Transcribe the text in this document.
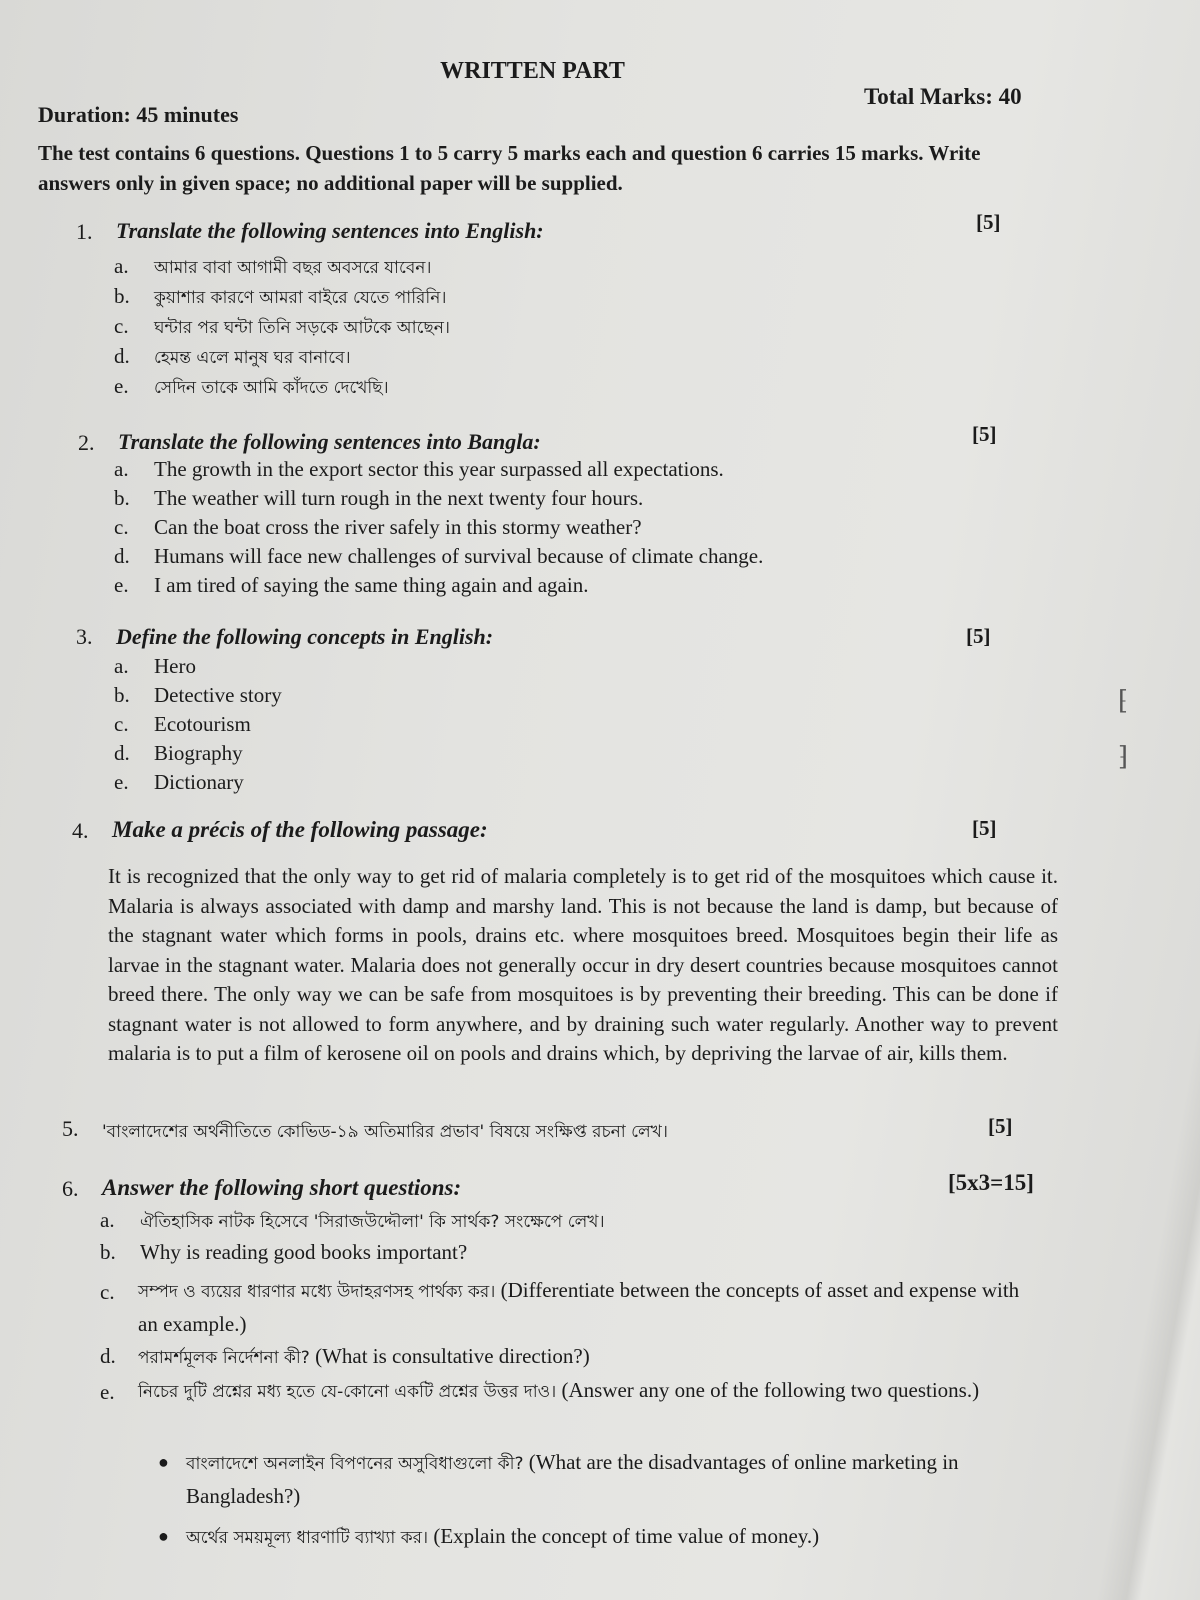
WRITTEN PART
Total Marks: 40
Duration: 45 minutes
The test contains 6 questions. Questions 1 to 5 carry 5 marks each and question 6 carries 15 marks. Write answers only in given space; no additional paper will be supplied.
1. Translate the following sentences into English:	[5]
a. আমার বাবা আগামী বছর অবসরে যাবেন।
b. কুয়াশার কারণে আমরা বাইরে যেতে পারিনি।
c. ঘন্টার পর ঘন্টা তিনি সড়কে আটকে আছেন।
d. হেমন্ত এলে মানুষ ঘর বানাবে।
e. সেদিন তাকে আমি কাঁদতে দেখেছি।
2. Translate the following sentences into Bangla:	[5]
a. The growth in the export sector this year surpassed all expectations.
b. The weather will turn rough in the next twenty four hours.
c. Can the boat cross the river safely in this stormy weather?
d. Humans will face new challenges of survival because of climate change.
e. I am tired of saying the same thing again and again.
3. Define the following concepts in English:	[5]
a. Hero
b. Detective story
c. Ecotourism
d. Biography
e. Dictionary
4. Make a précis of the following passage:	[5]
It is recognized that the only way to get rid of malaria completely is to get rid of the mosquitoes which cause it. Malaria is always associated with damp and marshy land. This is not because the land is damp, but because of the stagnant water which forms in pools, drains etc. where mosquitoes breed. Mosquitoes begin their life as larvae in the stagnant water. Malaria does not generally occur in dry desert countries because mosquitoes cannot breed there. The only way we can be safe from mosquitoes is by preventing their breeding. This can be done if stagnant water is not allowed to form anywhere, and by draining such water regularly. Another way to prevent malaria is to put a film of kerosene oil on pools and drains which, by depriving the larvae of air, kills them.
5. 'বাংলাদেশের অর্থনীতিতে কোভিড-১৯ অতিমারির প্রভাব' বিষয়ে সংক্ষিপ্ত রচনা লেখ।	[5]
6. Answer the following short questions:	[5x3=15]
a. ঐতিহাসিক নাটক হিসেবে 'সিরাজউদ্দৌলা' কি সার্থক? সংক্ষেপে লেখ।
b. Why is reading good books important?
c. সম্পদ ও ব্যয়ের ধারণার মধ্যে উদাহরণসহ পার্থক্য কর। (Differentiate between the concepts of asset and expense with an example.)
d. পরামর্শমূলক নির্দেশনা কী? (What is consultative direction?)
e. নিচের দুটি প্রশ্নের মধ্য হতে যে-কোনো একটি প্রশ্নের উত্তর দাও। (Answer any one of the following two questions.)
● বাংলাদেশে অনলাইন বিপণনের অসুবিধাগুলো কী? (What are the disadvantages of online marketing in Bangladesh?)
● অর্থের সময়মূল্য ধারণাটি ব্যাখ্যা কর। (Explain the concept of time value of money.)
⁅
⁆
